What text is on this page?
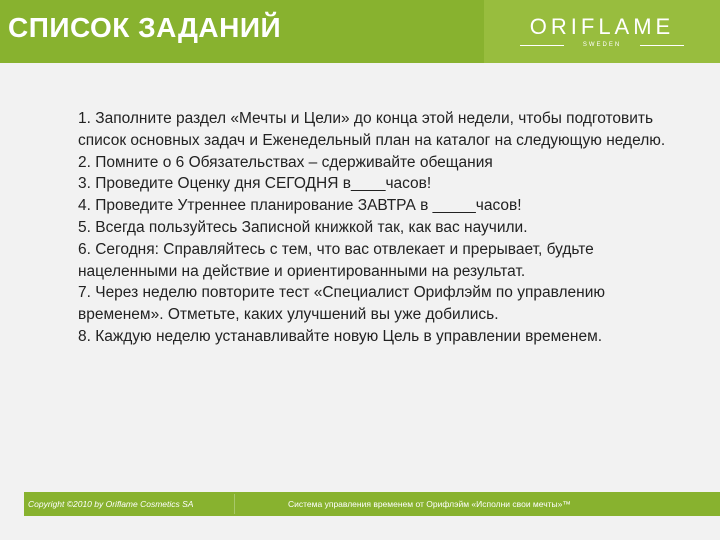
СПИСОК ЗАДАНИЙ	ORIFLAME
SWEDEN

1. Заполните раздел «Мечты и Цели» до конца этой недели, чтобы подготовить список основных задач и Еженедельный план на каталог на следующую неделю.

2. Помните о 6 Обязательствах – сдерживайте обещания

3. Проведите Оценку дня СЕГОДНЯ в____часов!

4. Проведите Утреннее планирование ЗАВТРА в _____часов!

5. Всегда пользуйтесь Записной книжкой так, как вас научили.

6. Сегодня: Справляйтесь с тем, что вас отвлекает и прерывает, будьте нацеленными на действие и ориентированными на результат.

7. Через неделю повторите тест «Специалист Орифлэйм по управлению временем». Отметьте, каких улучшений вы уже добились.

8. Каждую неделю устанавливайте новую Цель в управлении временем.

Copyright ©2010 by Oriflame Cosmetics SA	Система управления временем от Орифлэйм «Исполни свои мечты»™
